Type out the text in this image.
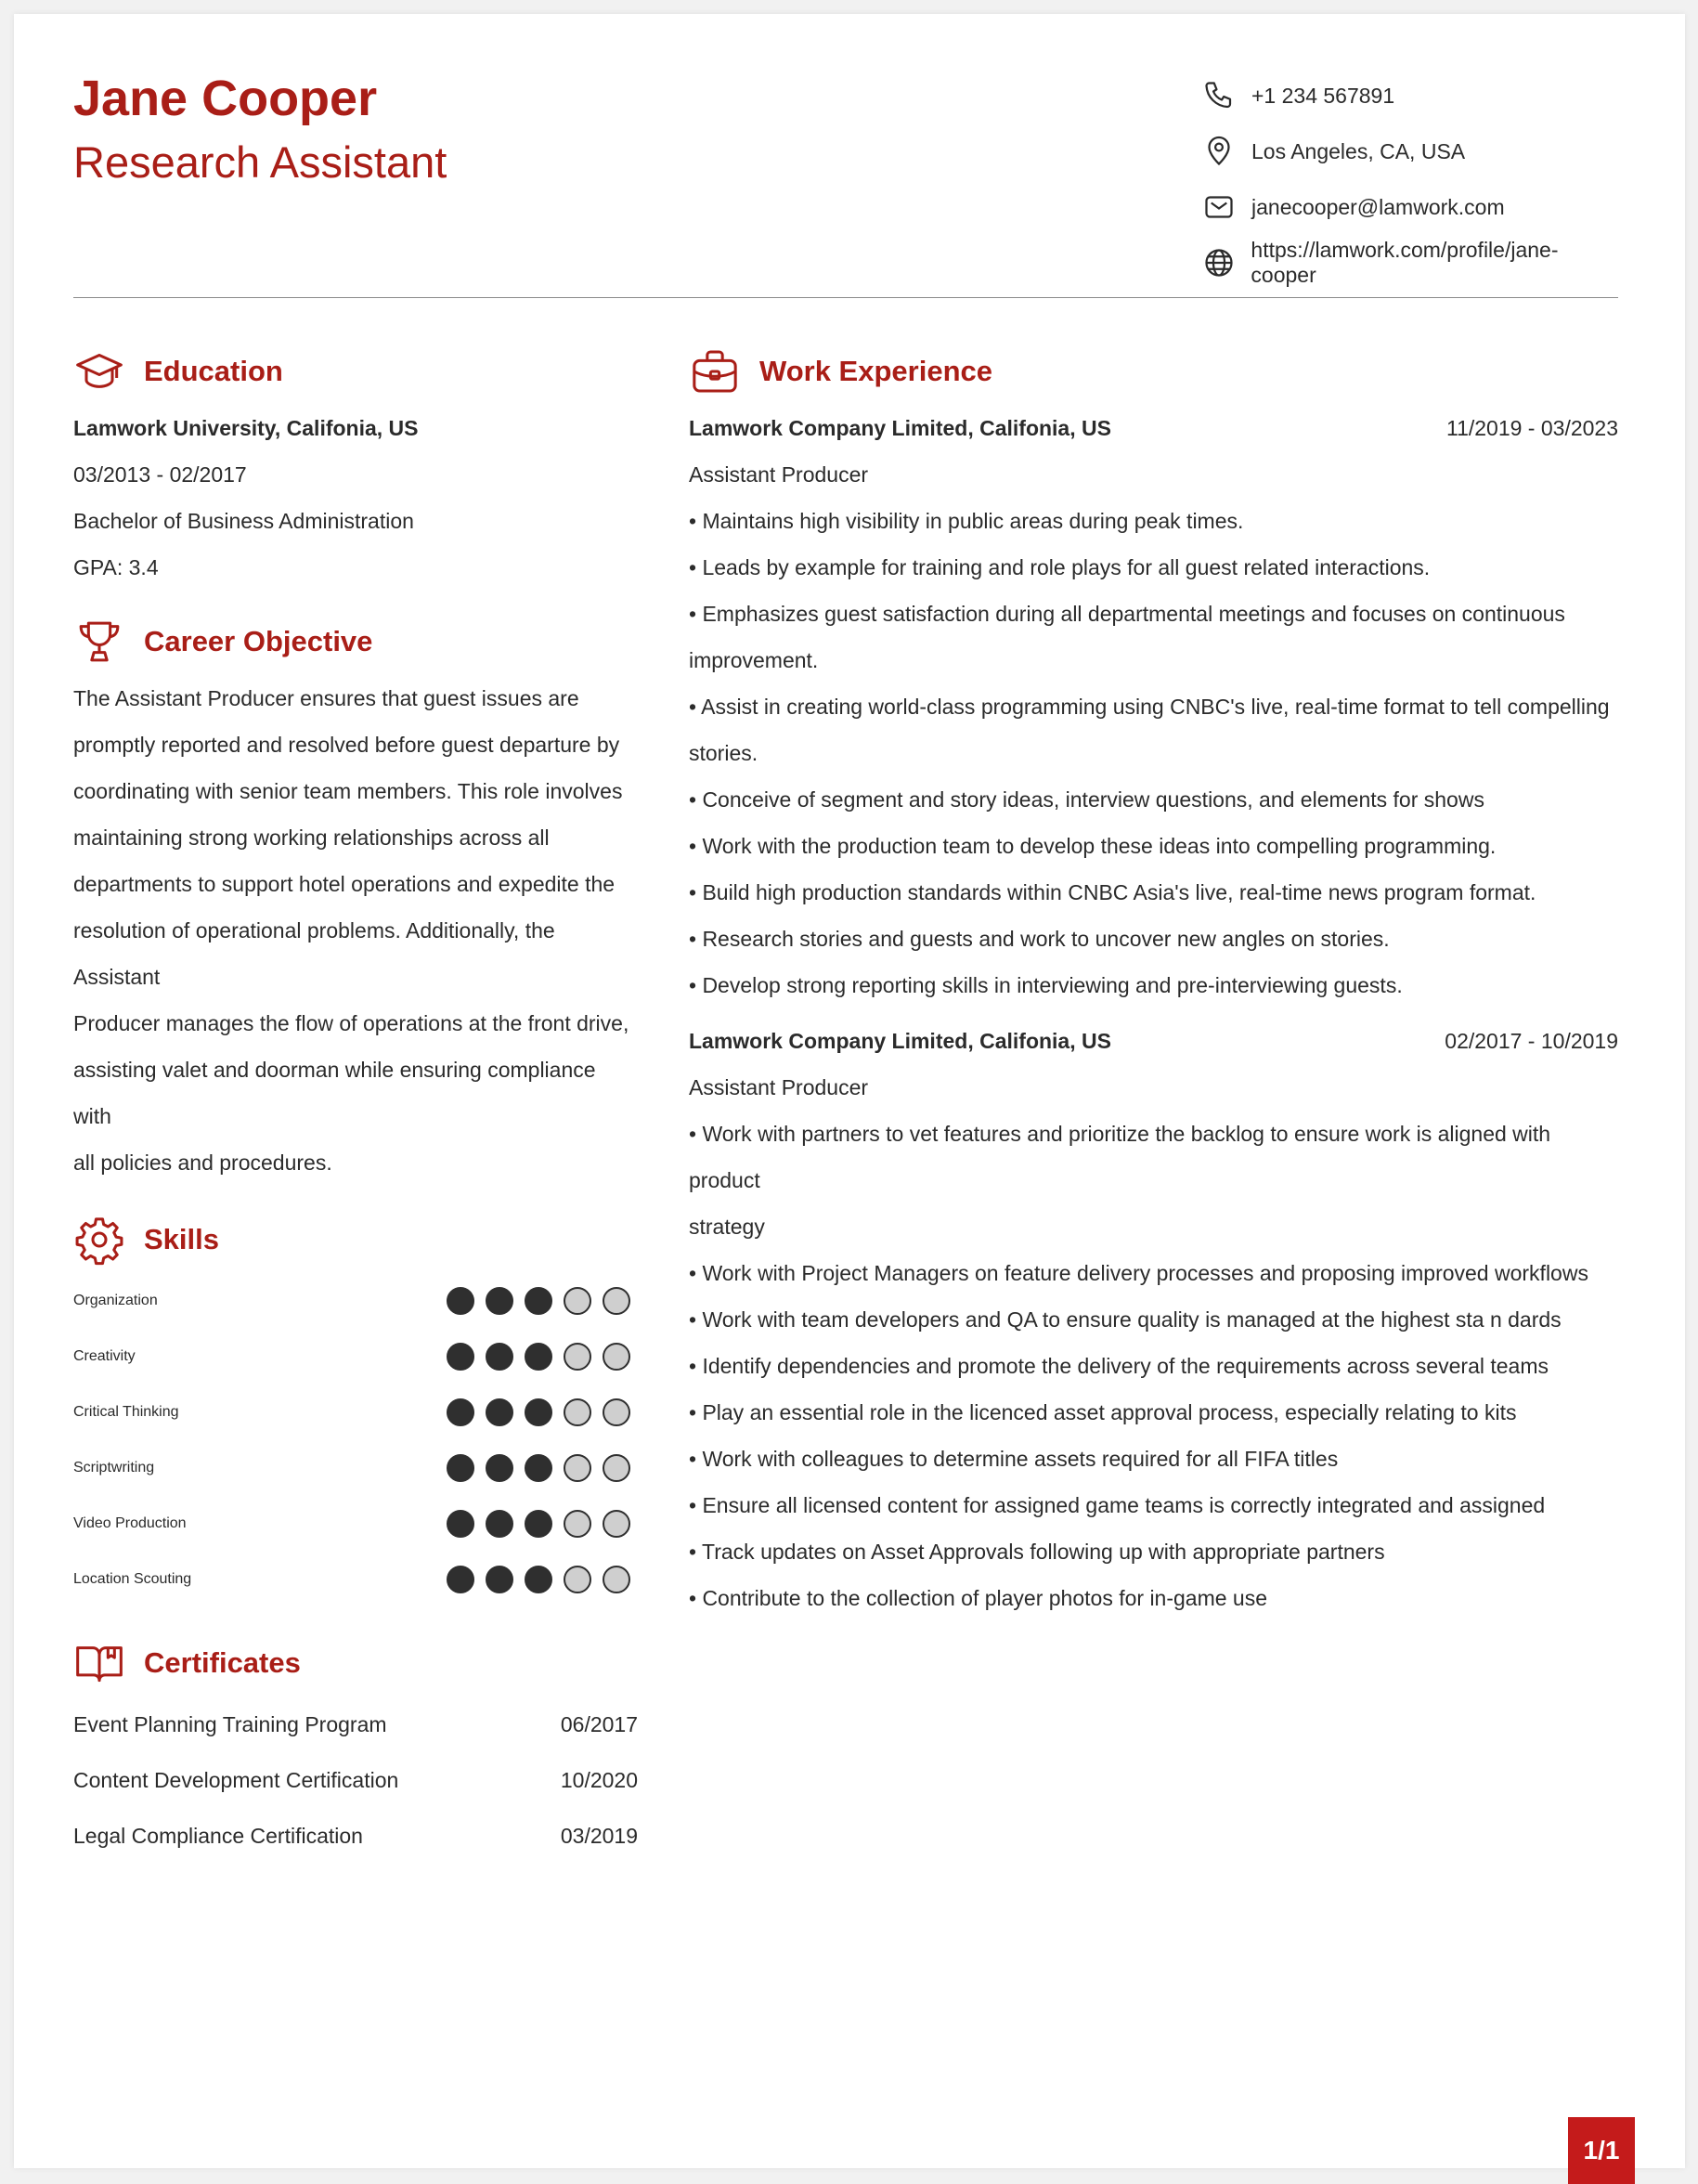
Jane Cooper
Research Assistant
+1 234 567891
Los Angeles, CA, USA
janecooper@lamwork.com
https://lamwork.com/profile/jane-cooper
Education
Lamwork University, Califonia, US
03/2013 - 02/2017
Bachelor of Business Administration
GPA: 3.4
Career Objective
The Assistant Producer ensures that guest issues are
promptly reported and resolved before guest departure by
coordinating with senior team members. This role involves
maintaining strong working relationships across all
departments to support hotel operations and expedite the
resolution of operational problems. Additionally, the Assistant
Producer manages the flow of operations at the front drive,
assisting valet and doorman while ensuring compliance with
all policies and procedures.
Skills
Organization
Creativity
Critical Thinking
Scriptwriting
Video Production
Location Scouting
Certificates
Event Planning Training Program	06/2017
Content Development Certification	10/2020
Legal Compliance Certification	03/2019
Work Experience
Lamwork Company Limited, Califonia, US	11/2019 - 03/2023
Assistant Producer
• Maintains high visibility in public areas during peak times.
• Leads by example for training and role plays for all guest related interactions.
• Emphasizes guest satisfaction during all departmental meetings and focuses on continuous
improvement.
• Assist in creating world-class programming using CNBC's live, real-time format to tell compelling
stories.
• Conceive of segment and story ideas, interview questions, and elements for shows
• Work with the production team to develop these ideas into compelling programming.
• Build high production standards within CNBC Asia's live, real-time news program format.
• Research stories and guests and work to uncover new angles on stories.
• Develop strong reporting skills in interviewing and pre-interviewing guests.
Lamwork Company Limited, Califonia, US	02/2017 - 10/2019
Assistant Producer
• Work with partners to vet features and prioritize the backlog to ensure work is aligned with product
strategy
• Work with Project Managers on feature delivery processes and proposing improved workflows
• Work with team developers and QA to ensure quality is managed at the highest sta n dards
• Identify dependencies and promote the delivery of the requirements across several teams
• Play an essential role in the licenced asset approval process, especially relating to kits
• Work with colleagues to determine assets required for all FIFA titles
• Ensure all licensed content for assigned game teams is correctly integrated and assigned
• Track updates on Asset Approvals following up with appropriate partners
• Contribute to the collection of player photos for in-game use
1/1
